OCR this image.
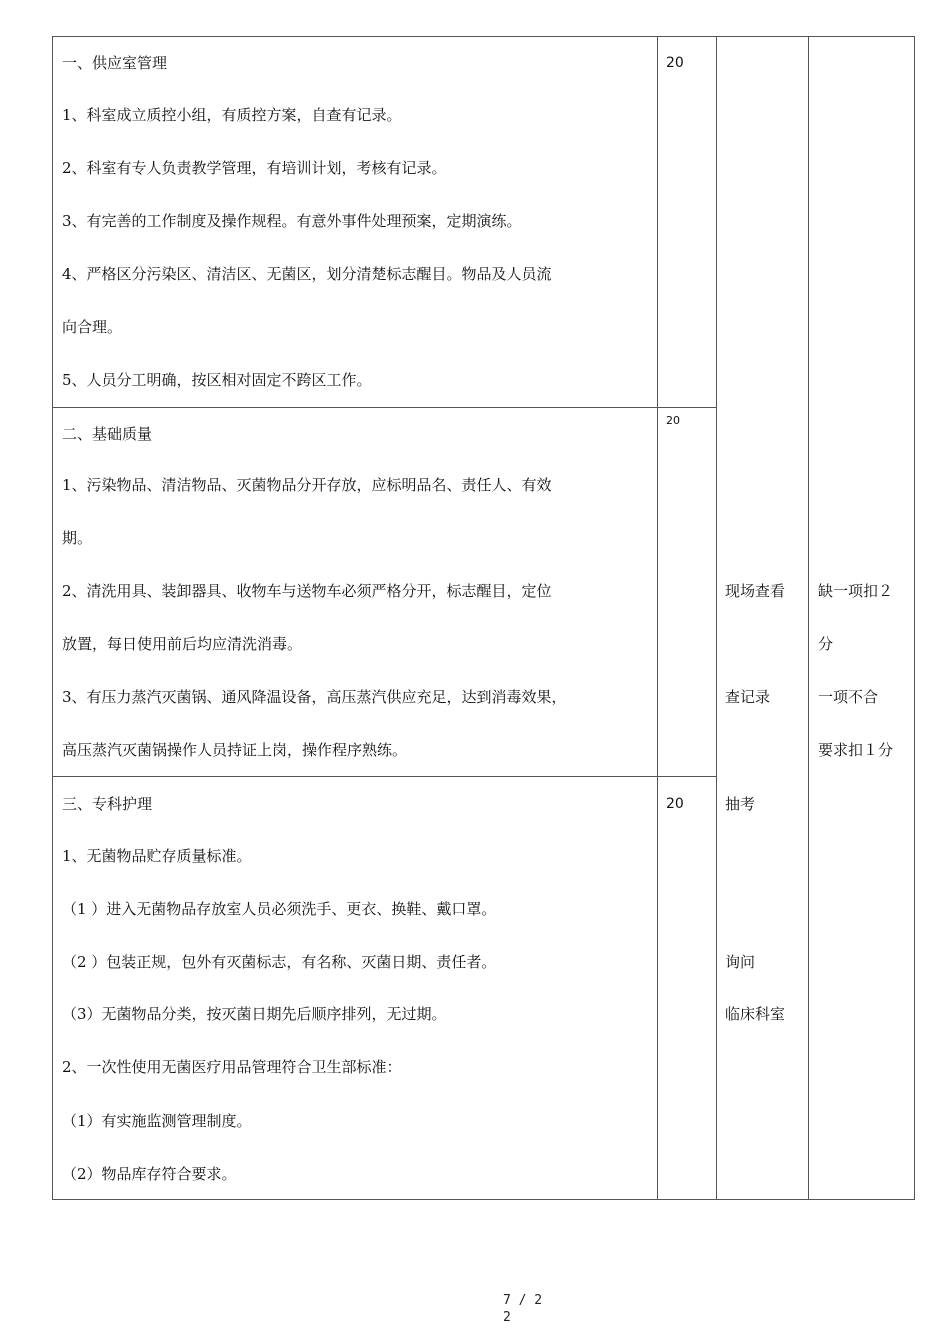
一、供应室管理
1、科室成立质控小组，有质控方案，自查有记录。
2、科室有专人负责教学管理，有培训计划，考核有记录。
3、有完善的工作制度及操作规程。有意外事件处理预案，定期演练。
4、严格区分污染区、清洁区、无菌区，划分清楚标志醒目。物品及人员流
向合理。
5、人员分工明确，按区相对固定不跨区工作。
20
二、基础质量
1、污染物品、清洁物品、灭菌物品分开存放，应标明品名、责任人、有效
期。
2、清洗用具、装卸器具、收物车与送物车必须严格分开，标志醒目，定位
放置，每日使用前后均应清洗消毒。
3、有压力蒸汽灭菌锅、通风降温设备，高压蒸汽供应充足，达到消毒效果，
高压蒸汽灭菌锅操作人员持证上岗，操作程序熟练。
20
三、专科护理
1、无菌物品贮存质量标准。
（1 ）进入无菌物品存放室人员必须洗手、更衣、换鞋、戴口罩。
（2 ）包装正规，包外有灭菌标志，有名称、灭菌日期、责任者。
（3）无菌物品分类，按灭菌日期先后顺序排列，无过期。
2、一次性使用无菌医疗用品管理符合卫生部标准：
（1）有实施监测管理制度。
（2）物品库存符合要求。
20
现场查看
查记录
抽考
询问
临床科室
缺一项扣２
分
一项不合
要求扣１分
7 / 2
2
